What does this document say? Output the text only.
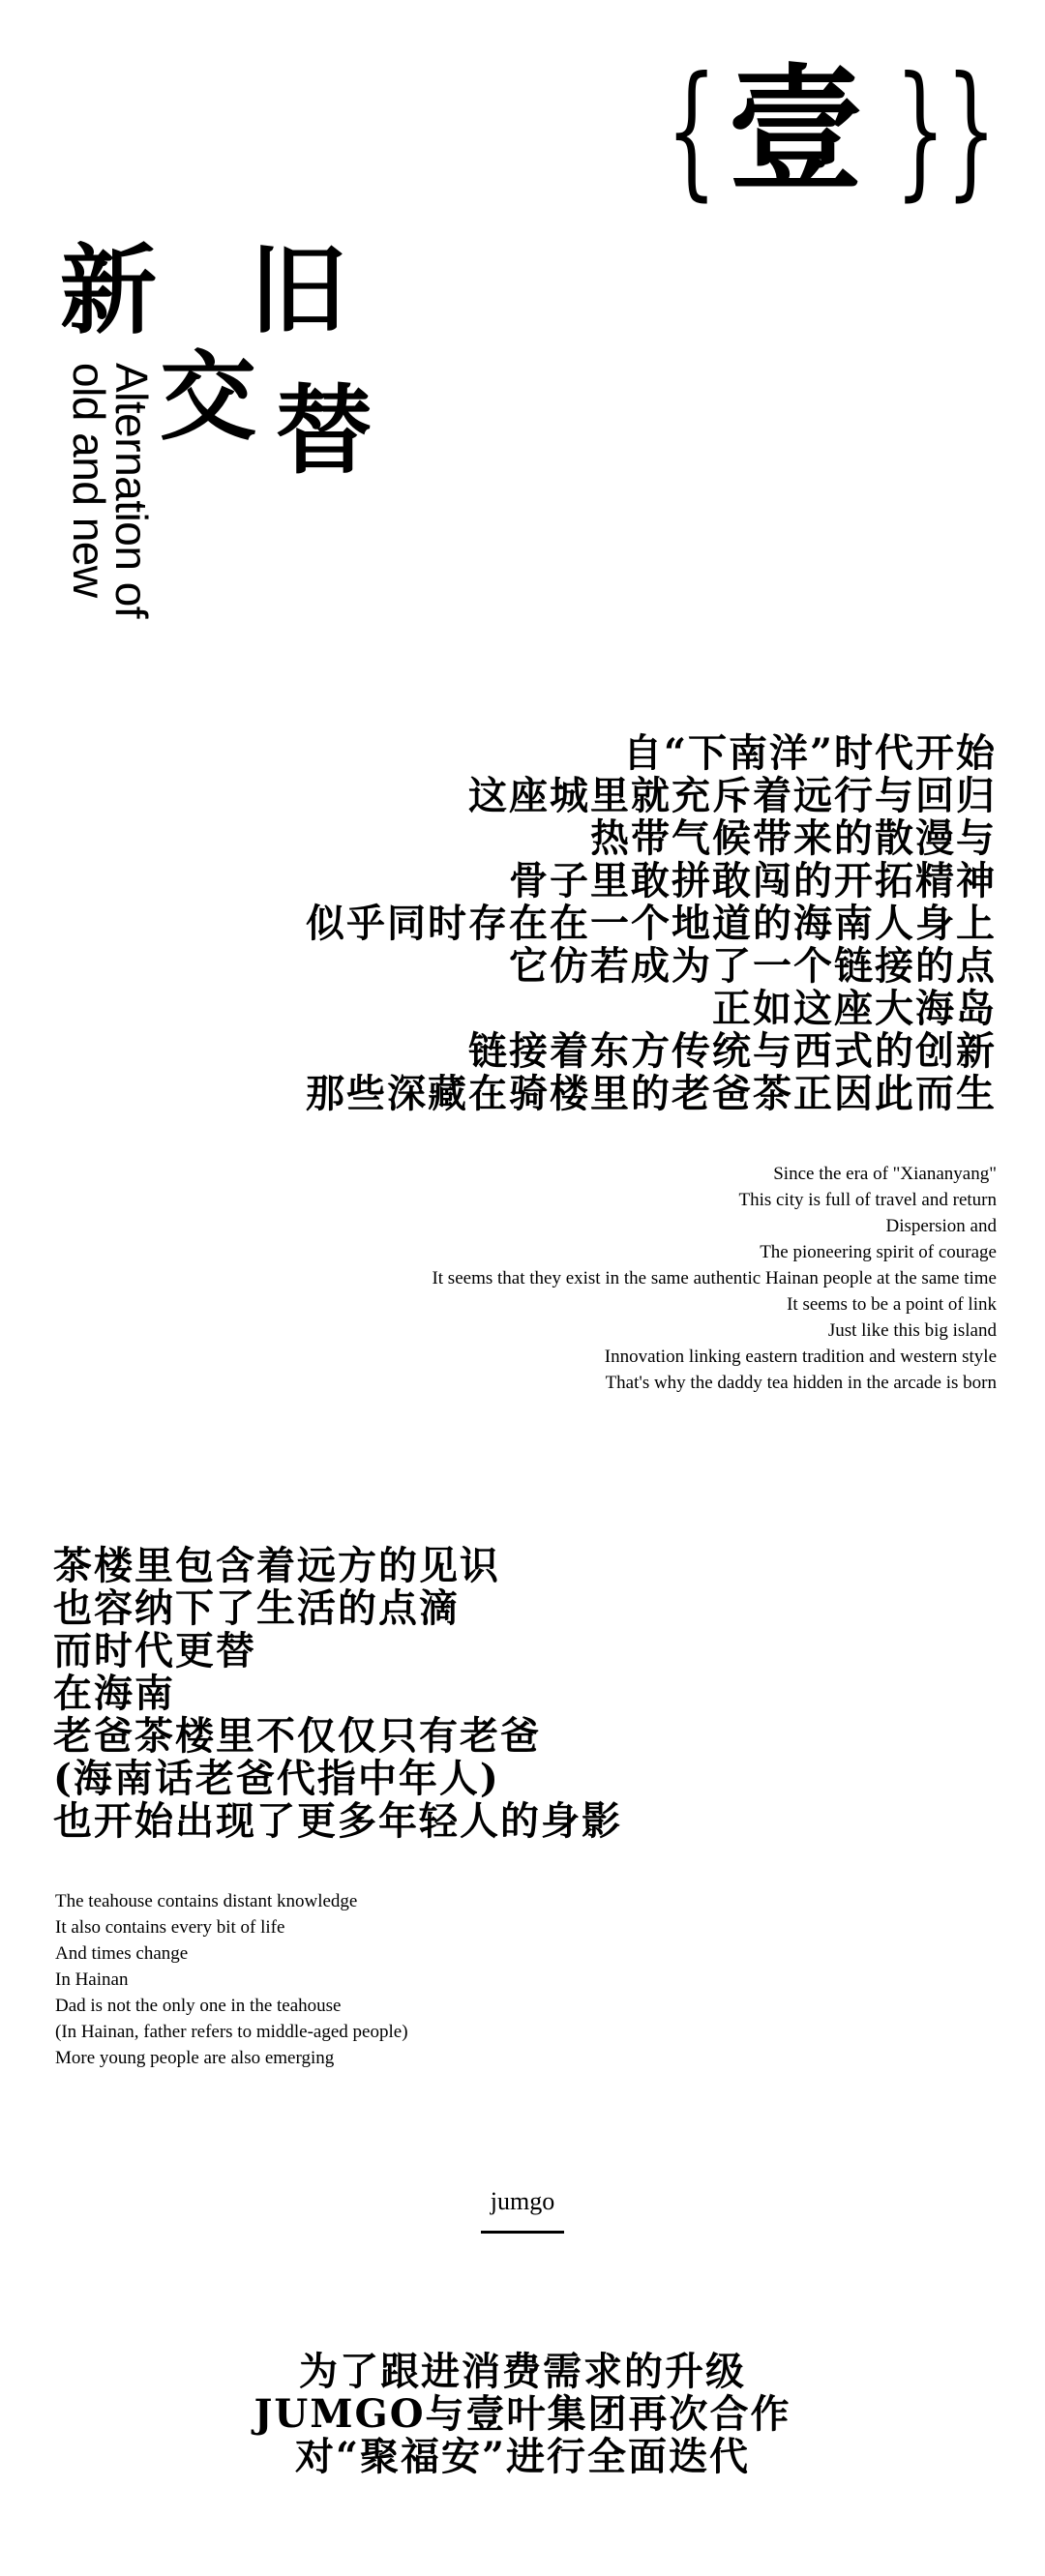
{ 壹 }}
新 旧
交 替
Alternation of
old and new
自“下南洋”时代开始
这座城里就充斥着远行与回归
热带气候带来的散漫与
骨子里敢拼敢闯的开拓精神
似乎同时存在在一个地道的海南人身上
它仿若成为了一个链接的点
正如这座大海岛
链接着东方传统与西式的创新
那些深藏在骑楼里的老爸茶正因此而生
Since the era of "Xiananyang"
This city is full of travel and return
Dispersion and
The pioneering spirit of courage
It seems that they exist in the same authentic Hainan people at the same time
It seems to be a point of link
Just like this big island
Innovation linking eastern tradition and western style
That's why the daddy tea hidden in the arcade is born
茶楼里包含着远方的见识
也容纳下了生活的点滴
而时代更替
在海南
老爸茶楼里不仅仅只有老爸
(海南话老爸代指中年人)
也开始出现了更多年轻人的身影
The teahouse contains distant knowledge
It also contains every bit of life
And times change
In Hainan
Dad is not the only one in the teahouse
(In Hainan, father refers to middle-aged people)
More young people are also emerging
jumgo
为了跟进消费需求的升级
JUMGO与壹叶集团再次合作
对“聚福安”进行全面迭代
